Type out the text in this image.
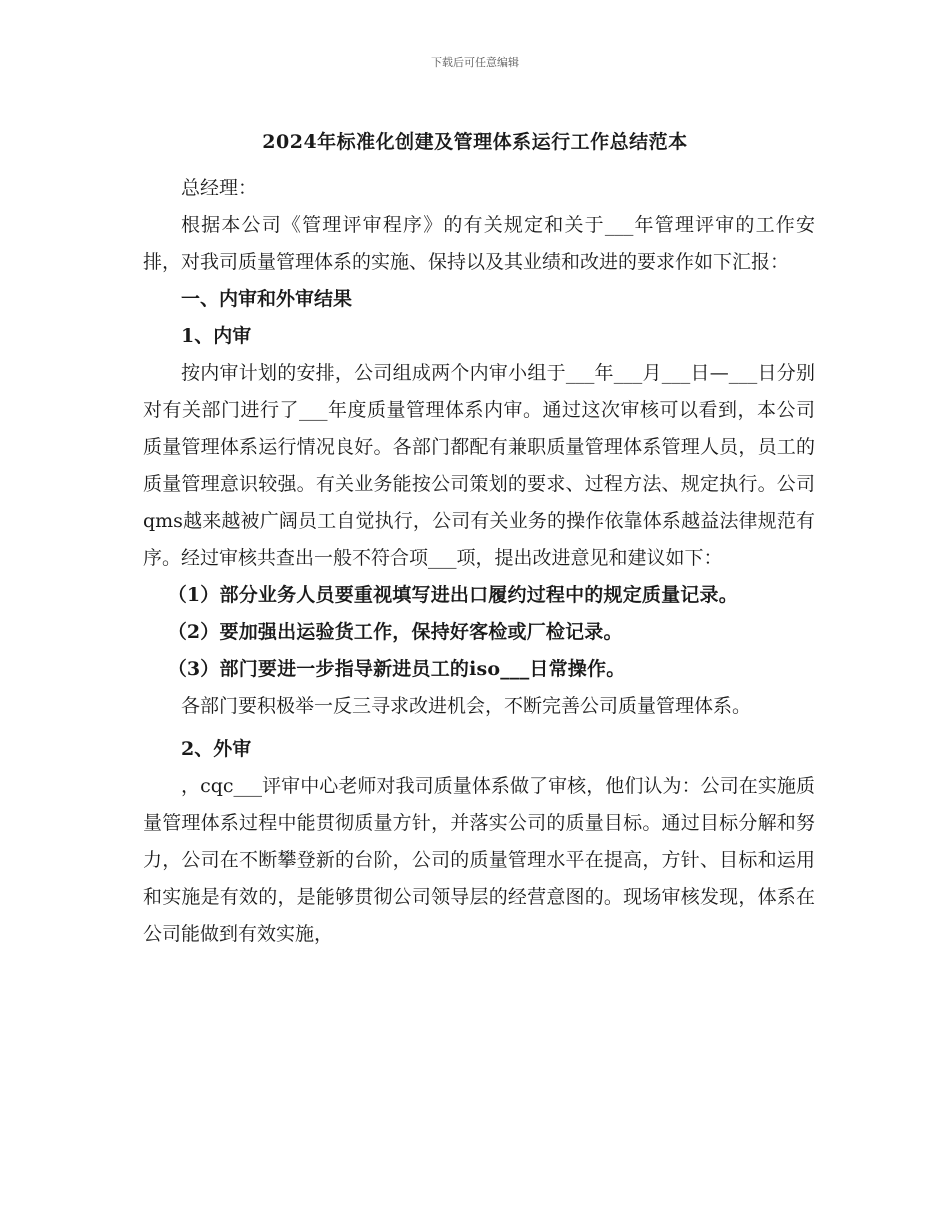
下载后可任意编辑
2024年标准化创建及管理体系运行工作总结范本

总经理：

根据本公司《管理评审程序》的有关规定和关于___年管理评审的工作安排，对我司质量管理体系的实施、保持以及其业绩和改进的要求作如下汇报：

一、内审和外审结果

1、内审

按内审计划的安排，公司组成两个内审小组于___年___月___日—___日分别对有关部门进行了___年度质量管理体系内审。通过这次审核可以看到，本公司质量管理体系运行情况良好。各部门都配有兼职质量管理体系管理人员，员工的质量管理意识较强。有关业务能按公司策划的要求、过程方法、规定执行。公司qms越来越被广阔员工自觉执行，公司有关业务的操作依靠体系越益法律规范有序。经过审核共查出一般不符合项___项，提出改进意见和建议如下：

（1）部分业务人员要重视填写进出口履约过程中的规定质量记录。

（2）要加强出运验货工作，保持好客检或厂检记录。

（3）部门要进一步指导新进员工的iso___日常操作。

各部门要积极举一反三寻求改进机会，不断完善公司质量管理体系。

2、外审

，cqc___评审中心老师对我司质量体系做了审核，他们认为：公司在实施质量管理体系过程中能贯彻质量方针，并落实公司的质量目标。通过目标分解和努力，公司在不断攀登新的台阶，公司的质量管理水平在提高，方针、目标和运用和实施是有效的，是能够贯彻公司领导层的经营意图的。现场审核发现，体系在公司能做到有效实施，
